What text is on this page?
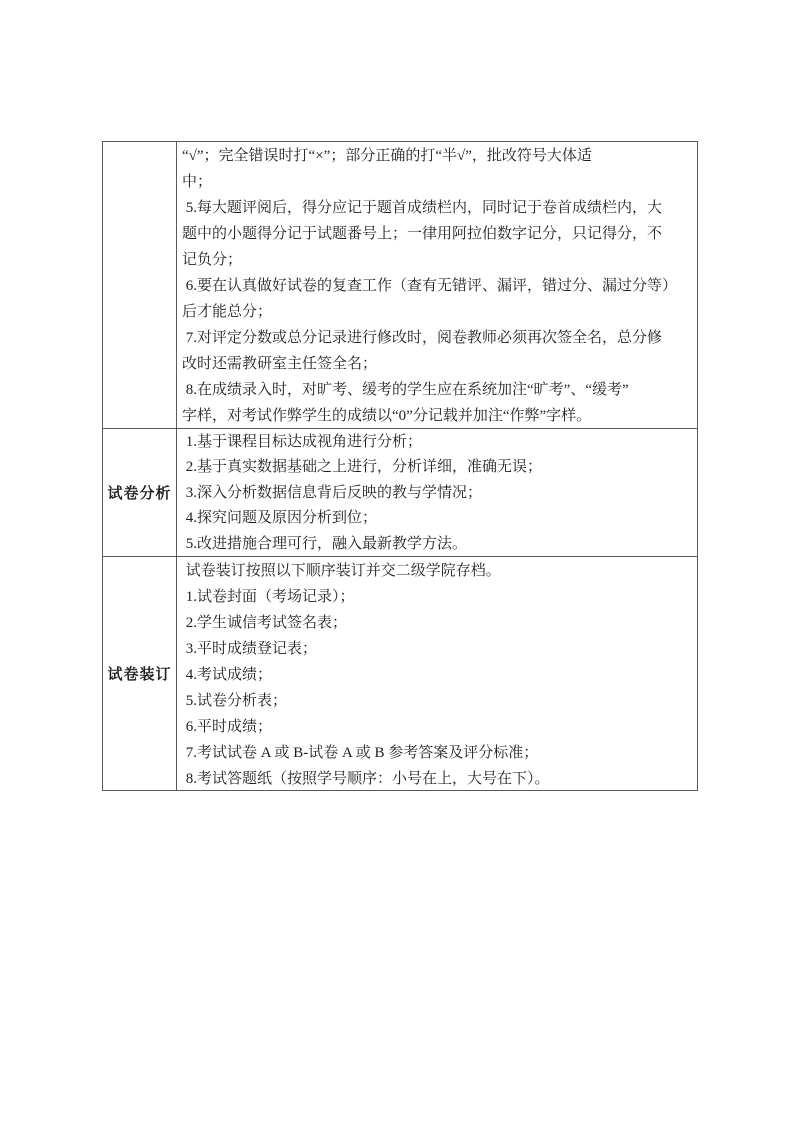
“√”；完全错误时打“×”；部分正确的打“半√”，批改符号大体适
中；
5.每大题评阅后，得分应记于题首成绩栏内，同时记于卷首成绩栏内，大
题中的小题得分记于试题番号上；一律用阿拉伯数字记分，只记得分，不
记负分；
6.要在认真做好试卷的复查工作（查有无错评、漏评，错过分、漏过分等）
后才能总分；
7.对评定分数或总分记录进行修改时，阅卷教师必须再次签全名，总分修
改时还需教研室主任签全名；
8.在成绩录入时，对旷考、缓考的学生应在系统加注“旷考”、“缓考”
字样，对考试作弊学生的成绩以“0”分记载并加注“作弊”字样。
试卷分析
1.基于课程目标达成视角进行分析；
2.基于真实数据基础之上进行，分析详细，准确无误；
3.深入分析数据信息背后反映的教与学情况；
4.探究问题及原因分析到位；
5.改进措施合理可行，融入最新教学方法。
试卷装订
试卷装订按照以下顺序装订并交二级学院存档。
1.试卷封面（考场记录）；
2.学生诚信考试签名表；
3.平时成绩登记表；
4.考试成绩；
5.试卷分析表；
6.平时成绩；
7.考试试卷 A 或 B-试卷 A 或 B 参考答案及评分标准；
8.考试答题纸（按照学号顺序：小号在上，大号在下）。
